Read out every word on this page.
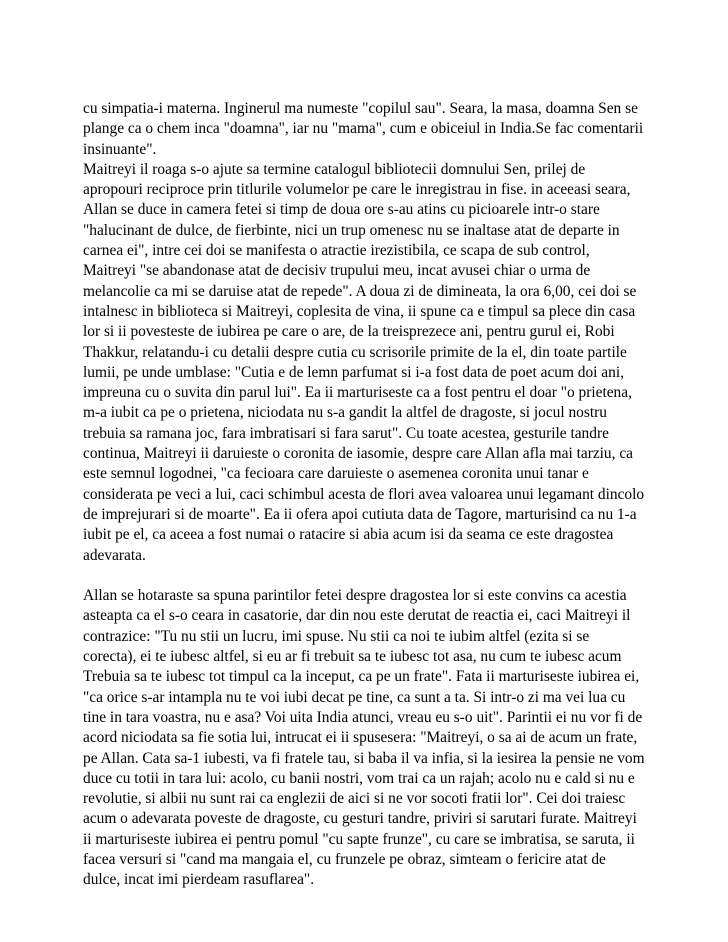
cu simpatia-i materna. Inginerul ma numeste "copilul sau". Seara, la masa, doamna Sen se plange ca o chem inca "doamna", iar nu "mama", cum e obiceiul in India.Se fac comentarii insinuante".

Maitreyi il roaga s-o ajute sa termine catalogul bibliotecii domnului Sen, prilej de apropouri reciproce prin titlurile volumelor pe care le inregistrau in fise. in aceeasi seara, Allan se duce in camera fetei si timp de doua ore s-au atins cu picioarele intr-o stare "halucinant de dulce, de fierbinte, nici un trup omenesc nu se inaltase atat de departe in carnea ei", intre cei doi se manifesta o atractie irezistibila, ce scapa de sub control, Maitreyi "se abandonase atat de decisiv trupului meu, incat avusei chiar o urma de melancolie ca mi se daruise atat de repede". A doua zi de dimineata, la ora 6,00, cei doi se intalnesc in biblioteca si Maitreyi, coplesita de vina, ii spune ca e timpul sa plece din casa lor si ii povesteste de iubirea pe care o are, de la treisprezece ani, pentru gurul ei, Robi Thakkur, relatandu-i cu detalii despre cutia cu scrisorile primite de la el, din toate partile lumii, pe unde umblase: "Cutia e de lemn parfumat si i-a fost data de poet acum doi ani, impreuna cu o suvita din parul lui". Ea ii marturiseste ca a fost pentru el doar "o prietena, m-a iubit ca pe o prietena, niciodata nu s-a gandit la altfel de dragoste, si jocul nostru trebuia sa ramana joc, fara imbratisari si fara sarut". Cu toate acestea, gesturile tandre continua, Maitreyi ii daruieste o coronita de iasomie, despre care Allan afla mai tarziu, ca este semnul logodnei, "ca fecioara care daruieste o asemenea coronita unui tanar e considerata pe veci a lui, caci schimbul acesta de flori avea valoarea unui legamant dincolo de imprejurari si de moarte". Ea ii ofera apoi cutiuta data de Tagore, marturisind ca nu 1-a iubit pe el, ca aceea a fost numai o ratacire si abia acum isi da seama ce este dragostea adevarata.

Allan se hotaraste sa spuna parintilor fetei despre dragostea lor si este convins ca acestia asteapta ca el s-o ceara in casatorie, dar din nou este derutat de reactia ei, caci Maitreyi il contrazice: "Tu nu stii un lucru, imi spuse. Nu stii ca noi te iubim altfel (ezita si se corecta), ei te iubesc altfel, si eu ar fi trebuit sa te iubesc tot asa, nu cum te iubesc acum Trebuia sa te iubesc tot timpul ca la inceput, ca pe un frate". Fata ii marturiseste iubirea ei, "ca orice s-ar intampla nu te voi iubi decat pe tine, ca sunt a ta. Si intr-o zi ma vei lua cu tine in tara voastra, nu e asa? Voi uita India atunci, vreau eu s-o uit". Parintii ei nu vor fi de acord niciodata sa fie sotia lui, intrucat ei ii spusesera: "Maitreyi, o sa ai de acum un frate, pe Allan. Cata sa-1 iubesti, va fi fratele tau, si baba il va infia, si la iesirea la pensie ne vom duce cu totii in tara lui: acolo, cu banii nostri, vom trai ca un rajah; acolo nu e cald si nu e revolutie, si albii nu sunt rai ca englezii de aici si ne vor socoti fratii lor". Cei doi traiesc acum o adevarata poveste de dragoste, cu gesturi tandre, priviri si sarutari furate. Maitreyi ii marturiseste iubirea ei pentru pomul "cu sapte frunze", cu care se imbratisa, se saruta, ii facea versuri si "cand ma mangaia el, cu frunzele pe obraz, simteam o fericire atat de dulce, incat imi pierdeam rasuflarea".
